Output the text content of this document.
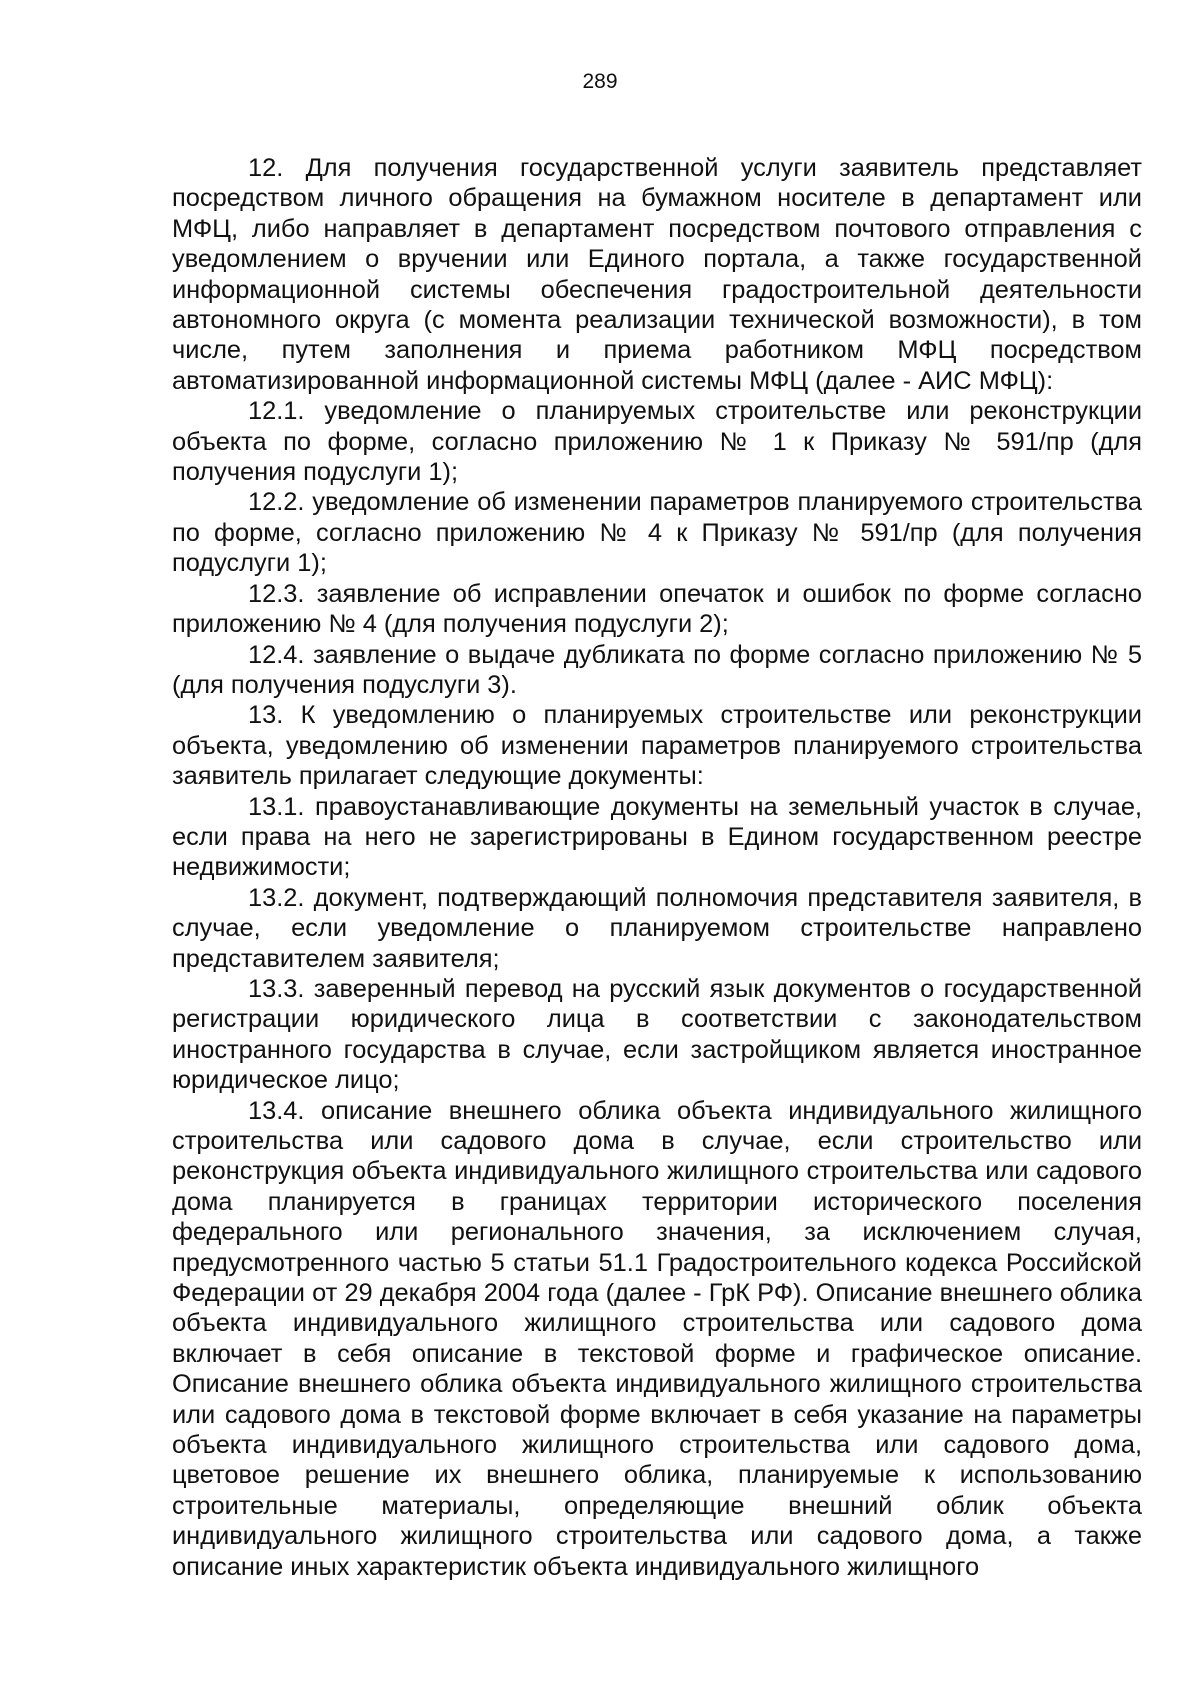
289

12. Для получения государственной услуги заявитель представляет посредством личного обращения на бумажном носителе в департамент или МФЦ, либо направляет в департамент посредством почтового отправления с уведомлением о вручении или Единого портала, а также государственной информационной системы обеспечения градостроительной деятельности автономного округа (с момента реализации технической возможности), в том числе, путем заполнения и приема работником МФЦ посредством автоматизированной информационной системы МФЦ (далее - АИС МФЦ):

12.1. уведомление о планируемых строительстве или реконструкции объекта по форме, согласно приложению № 1 к Приказу № 591/пр (для получения подуслуги 1);

12.2. уведомление об изменении параметров планируемого строительства по форме, согласно приложению № 4 к Приказу № 591/пр (для получения подуслуги 1);

12.3. заявление об исправлении опечаток и ошибок по форме согласно приложению № 4 (для получения подуслуги 2);

12.4. заявление о выдаче дубликата по форме согласно приложению № 5 (для получения подуслуги 3).

13. К уведомлению о планируемых строительстве или реконструкции объекта, уведомлению об изменении параметров планируемого строительства заявитель прилагает следующие документы:

13.1. правоустанавливающие документы на земельный участок в случае, если права на него не зарегистрированы в Едином государственном реестре недвижимости;

13.2. документ, подтверждающий полномочия представителя заявителя, в случае, если уведомление о планируемом строительстве направлено представителем заявителя;

13.3. заверенный перевод на русский язык документов о государственной регистрации юридического лица в соответствии с законодательством иностранного государства в случае, если застройщиком является иностранное юридическое лицо;

13.4. описание внешнего облика объекта индивидуального жилищного строительства или садового дома в случае, если строительство или реконструкция объекта индивидуального жилищного строительства или садового дома планируется в границах территории исторического поселения федерального или регионального значения, за исключением случая, предусмотренного частью 5 статьи 51.1 Градостроительного кодекса Российской Федерации от 29 декабря 2004 года (далее - ГрК РФ). Описание внешнего облика объекта индивидуального жилищного строительства или садового дома включает в себя описание в текстовой форме и графическое описание. Описание внешнего облика объекта индивидуального жилищного строительства или садового дома в текстовой форме включает в себя указание на параметры объекта индивидуального жилищного строительства или садового дома, цветовое решение их внешнего облика, планируемые к использованию строительные материалы, определяющие внешний облик объекта индивидуального жилищного строительства или садового дома, а также описание иных характеристик объекта индивидуального жилищного
